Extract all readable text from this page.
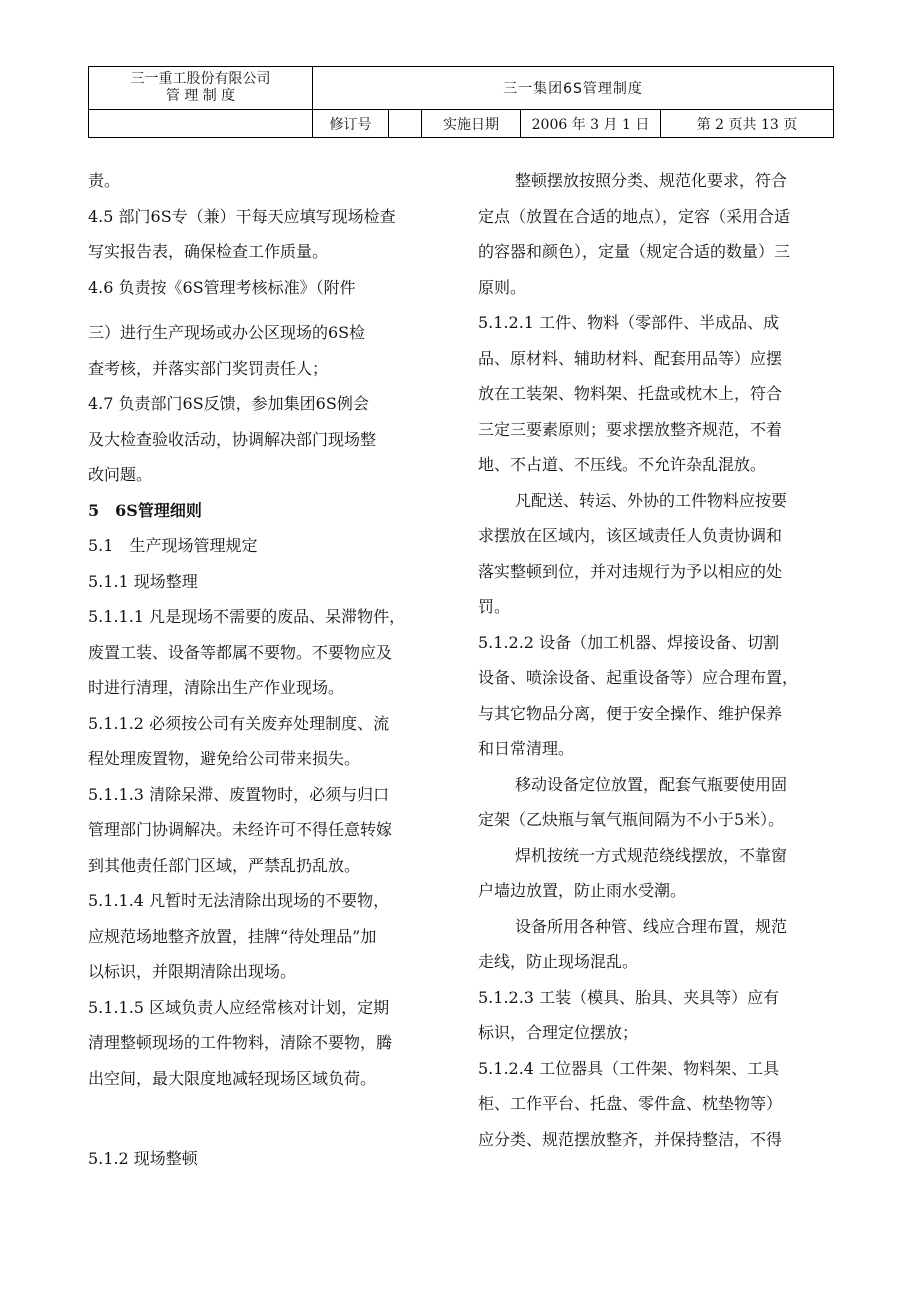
三一重工股份有限公司
管 理 制 度	三一集团6S管理制度				
	修订号		实施日期	2006 年 3 月 1 日	第 2 页共 13 页

责。

4.5 部门6S专（兼）干每天应填写现场检查

写实报告表，确保检查工作质量。

4.6 负责按《6S管理考核标准》（附件

三）进行生产现场或办公区现场的6S检

查考核，并落实部门奖罚责任人；

4.7 负责部门6S反馈，参加集团6S例会

及大检查验收活动，协调解决部门现场整

改问题。

5　6S管理细则

5.1　生产现场管理规定

5.1.1 现场整理

5.1.1.1 凡是现场不需要的废品、呆滞物件，

废置工装、设备等都属不要物。不要物应及

时进行清理，清除出生产作业现场。

5.1.1.2 必须按公司有关废弃处理制度、流

程处理废置物，避免给公司带来损失。

5.1.1.3 清除呆滞、废置物时，必须与归口

管理部门协调解决。未经许可不得任意转嫁

到其他责任部门区域，严禁乱扔乱放。

5.1.1.4 凡暂时无法清除出现场的不要物，

应规范场地整齐放置，挂牌“待处理品”加

以标识，并限期清除出现场。

5.1.1.5 区域负责人应经常核对计划，定期

清理整顿现场的工件物料，清除不要物，腾

出空间，最大限度地减轻现场区域负荷。

5.1.2 现场整顿

整顿摆放按照分类、规范化要求，符合

定点（放置在合适的地点），定容（采用合适

的容器和颜色），定量（规定合适的数量）三

原则。

5.1.2.1 工件、物料（零部件、半成品、成

品、原材料、辅助材料、配套用品等）应摆

放在工装架、物料架、托盘或枕木上，符合

三定三要素原则；要求摆放整齐规范，不着

地、不占道、不压线。不允许杂乱混放。

凡配送、转运、外协的工件物料应按要

求摆放在区域内，该区域责任人负责协调和

落实整顿到位，并对违规行为予以相应的处

罚。

5.1.2.2 设备（加工机器、焊接设备、切割

设备、喷涂设备、起重设备等）应合理布置，

与其它物品分离，便于安全操作、维护保养

和日常清理。

移动设备定位放置，配套气瓶要使用固

定架（乙炔瓶与氧气瓶间隔为不小于5米）。

焊机按统一方式规范绕线摆放，不靠窗

户墙边放置，防止雨水受潮。

设备所用各种管、线应合理布置，规范

走线，防止现场混乱。

5.1.2.3 工装（模具、胎具、夹具等）应有

标识，合理定位摆放；

5.1.2.4 工位器具（工件架、物料架、工具

柜、工作平台、托盘、零件盒、枕垫物等）

应分类、规范摆放整齐，并保持整洁，不得
